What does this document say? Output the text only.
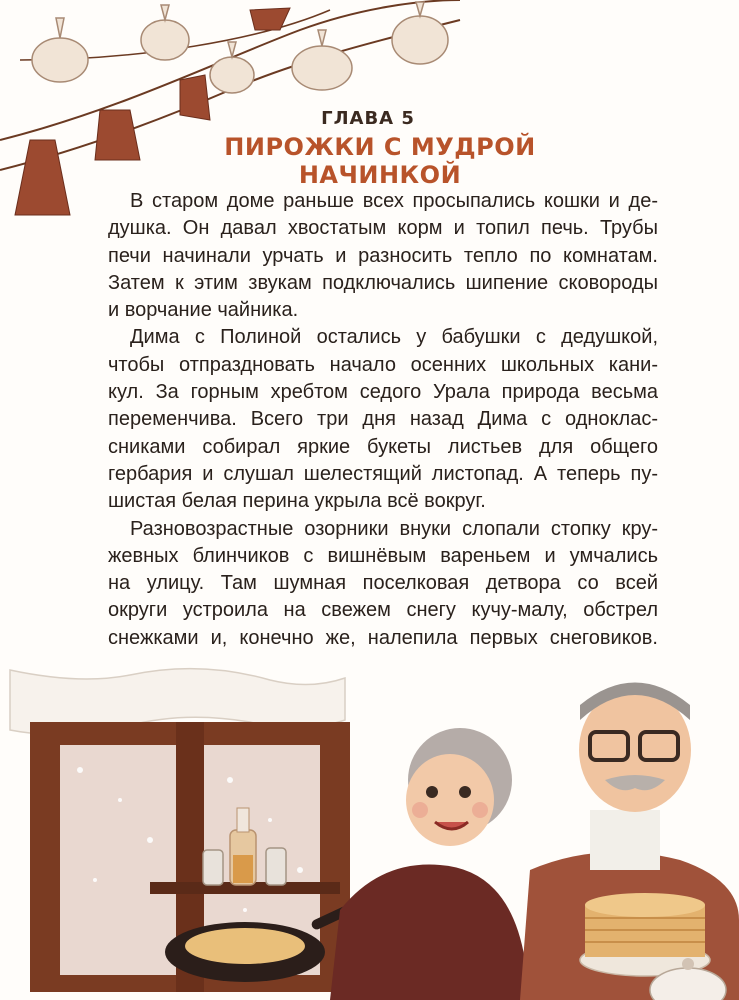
ГЛАВА 5
ПИРОЖКИ С МУДРОЙ НАЧИНКОЙ
В старом доме раньше всех просыпались кошки и де-
душка. Он давал хвостатым корм и топил печь. Трубы
печи начинали урчать и разносить тепло по комнатам.
Затем к этим звукам подключались шипение сковороды
и ворчание чайника.
Дима с Полиной остались у бабушки с дедушкой,
чтобы отпраздновать начало осенних школьных кани-
кул. За горным хребтом седого Урала природа весьма
переменчива. Всего три дня назад Дима с одноклас-
сниками собирал яркие букеты листьев для общего
гербария и слушал шелестящий листопад. А теперь пу-
шистая белая перина укрыла всё вокруг.
Разновозрастные озорники внуки слопали стопку кру-
жевных блинчиков с вишнёвым вареньем и умчались
на улицу. Там шумная поселковая детвора со всей
округи устроила на свежем снегу кучу-малу, обстрел
снежками и, конечно же, налепила первых снеговиков.
